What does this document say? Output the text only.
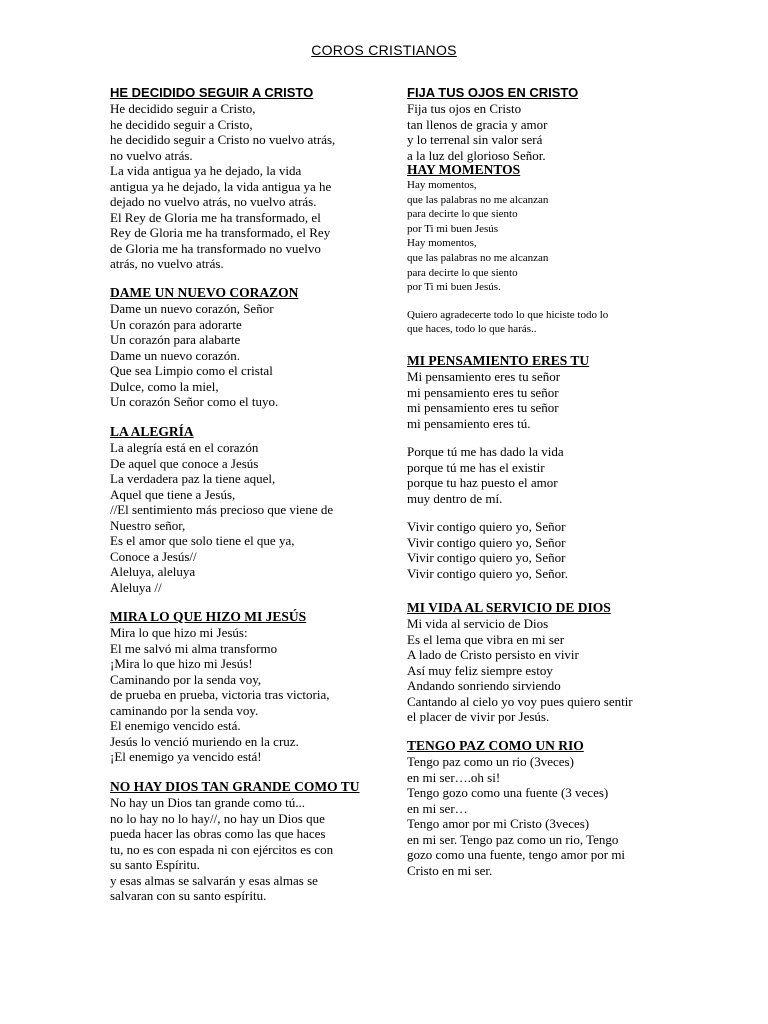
COROS CRISTIANOS
HE DECIDIDO SEGUIR A CRISTO
He decidido seguir a Cristo,
he decidido seguir a Cristo,
he decidido seguir a Cristo no vuelvo atrás,
no vuelvo atrás.
La vida antigua ya he dejado, la vida
antigua ya he dejado, la vida antigua ya he
dejado no vuelvo atrás, no vuelvo atrás.
El Rey de Gloria me ha transformado, el
Rey de Gloria me ha transformado, el Rey
de Gloria me ha transformado no vuelvo
atrás, no vuelvo atrás.
DAME UN NUEVO CORAZON
Dame un nuevo corazón, Señor
Un corazón para adorarte
Un corazón para alabarte
Dame un nuevo corazón.
Que sea Limpio como el cristal
Dulce, como la miel,
Un corazón Señor como el tuyo.
LA ALEGRÍA
La alegría está en el corazón
De aquel que conoce a Jesús
La verdadera paz la tiene aquel,
Aquel que tiene a Jesús,
//El sentimiento más precioso que viene de
Nuestro señor,
Es el amor que solo tiene el que ya,
Conoce a Jesús//
Aleluya, aleluya
Aleluya //
MIRA LO QUE HIZO MI JESÚS
Mira lo que hizo mi Jesús:
El me salvó mi alma transformo
¡Mira lo que hizo mi Jesús!
Caminando por la senda voy,
de prueba en prueba, victoria tras victoria,
caminando por la senda voy.
El enemigo vencido está.
Jesús lo venció muriendo en la cruz.
¡El enemigo ya vencido está!
NO HAY DIOS TAN GRANDE COMO TU
No hay un Dios tan grande como tú...
no lo hay no lo hay//, no hay un Dios que
pueda hacer las obras como las que haces
tu, no es con espada ni con ejércitos es con
su santo Espíritu.
y esas almas se salvarán y esas almas se
salvaran con su santo espíritu.
FIJA TUS OJOS EN CRISTO
Fija tus ojos en Cristo
tan llenos de gracia y amor
y lo terrenal sin valor será
a la luz del glorioso Señor.
HAY MOMENTOS
Hay momentos,
que las palabras no me alcanzan
para decirte lo que siento
por Ti mi buen Jesús
Hay momentos,
que las palabras no me alcanzan
para decirte lo que siento
por Ti mi buen Jesús.
Quiero agradecerte todo lo que hiciste todo lo
que haces, todo lo que harás..
MI PENSAMIENTO ERES TU
Mi pensamiento eres tu señor
mi pensamiento eres tu señor
mi pensamiento eres tu señor
mi pensamiento eres tú.
Porque tú me has dado la vida
porque tú me has el existir
porque tu haz puesto el amor
muy dentro de mí.
Vivir contigo quiero yo, Señor
Vivir contigo quiero yo, Señor
Vivir contigo quiero yo, Señor
Vivir contigo quiero yo, Señor.
MI VIDA AL SERVICIO DE DIOS
Mi vida al servicio de Dios
Es el lema que vibra en mi ser
A lado de Cristo persisto en vivir
Así muy feliz siempre estoy
Andando sonriendo sirviendo
Cantando al cielo yo voy pues quiero sentir
el placer de vivir por Jesús.
TENGO PAZ COMO UN RIO
Tengo paz como un rio (3veces)
en mi ser….oh si!
Tengo gozo como una fuente (3 veces)
en mi ser…
Tengo amor por mi Cristo (3veces)
en mi ser. Tengo paz como un rio, Tengo
gozo como una fuente, tengo amor por mi
Cristo en mi ser.
